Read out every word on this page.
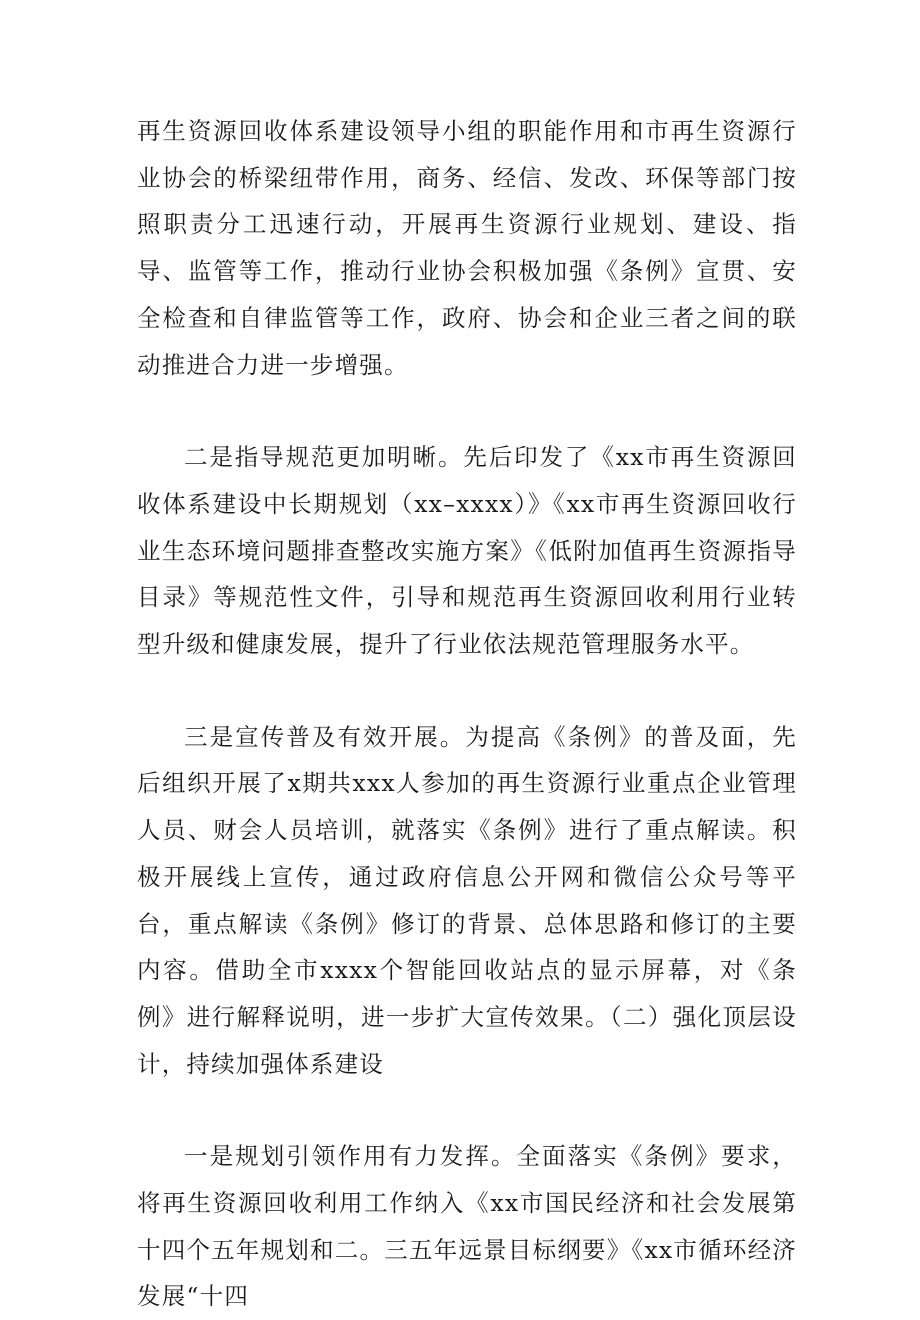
再生资源回收体系建设领导小组的职能作用和市再生资源行业协会的桥梁纽带作用，商务、经信、发改、环保等部门按照职责分工迅速行动，开展再生资源行业规划、建设、指导、监管等工作，推动行业协会积极加强《条例》宣贯、安全检查和自律监管等工作，政府、协会和企业三者之间的联动推进合力进一步增强。

二是指导规范更加明晰。先后印发了《xx市再生资源回收体系建设中长期规划（xx–xxxx）》《xx市再生资源回收行业生态环境问题排查整改实施方案》《低附加值再生资源指导目录》等规范性文件，引导和规范再生资源回收利用行业转型升级和健康发展，提升了行业依法规范管理服务水平。

三是宣传普及有效开展。为提高《条例》的普及面，先后组织开展了x期共xxx人参加的再生资源行业重点企业管理人员、财会人员培训，就落实《条例》进行了重点解读。积极开展线上宣传，通过政府信息公开网和微信公众号等平台，重点解读《条例》修订的背景、总体思路和修订的主要内容。借助全市xxxx个智能回收站点的显示屏幕，对《条例》进行解释说明，进一步扩大宣传效果。（二）强化顶层设计，持续加强体系建设

一是规划引领作用有力发挥。全面落实《条例》要求，将再生资源回收利用工作纳入《xx市国民经济和社会发展第十四个五年规划和二。三五年远景目标纲要》《xx市循环经济发展“十四
